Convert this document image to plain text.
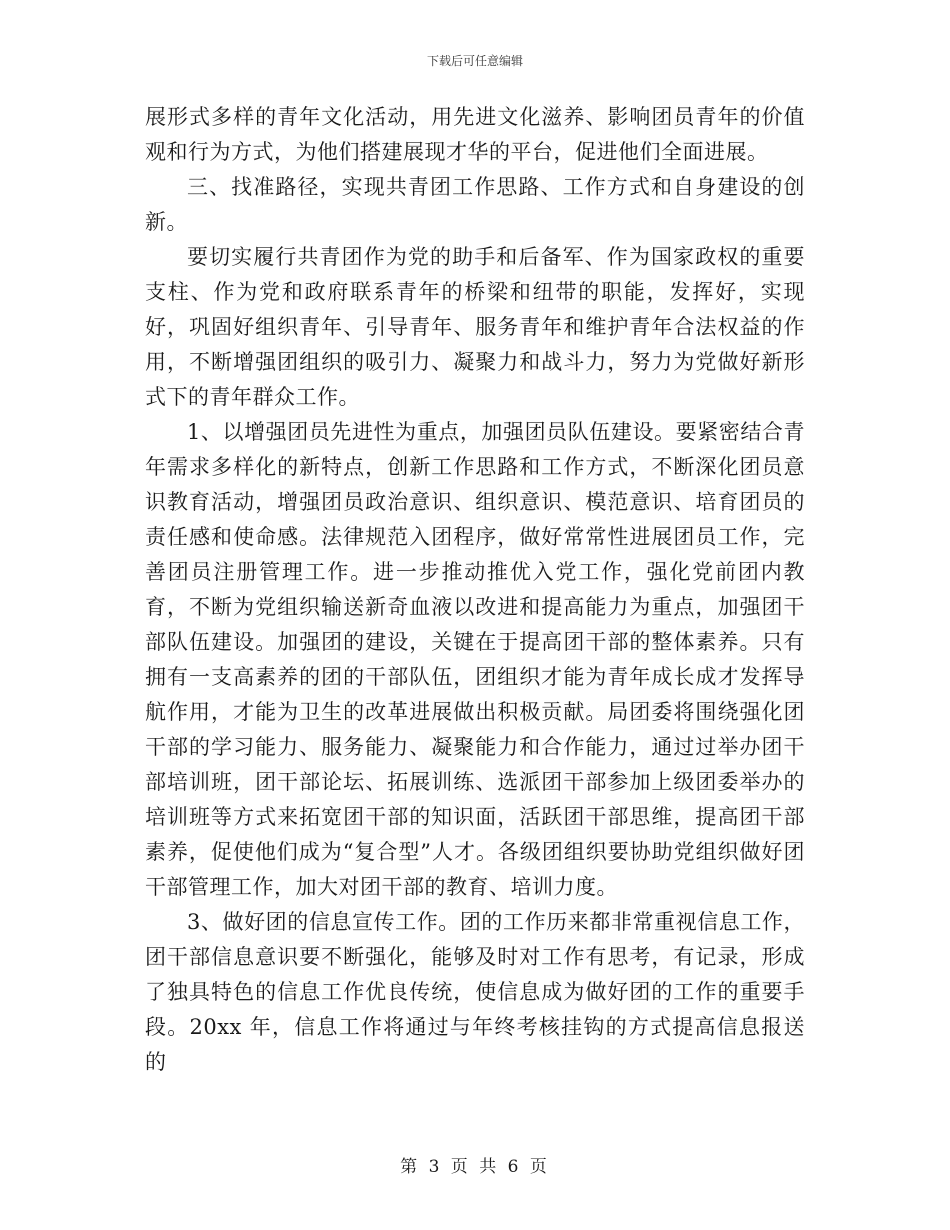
下载后可任意编辑

展形式多样的青年文化活动，用先进文化滋养、影响团员青年的价值观和行为方式，为他们搭建展现才华的平台，促进他们全面进展。

三、找准路径，实现共青团工作思路、工作方式和自身建设的创新。

要切实履行共青团作为党的助手和后备军、作为国家政权的重要支柱、作为党和政府联系青年的桥梁和纽带的职能，发挥好，实现好，巩固好组织青年、引导青年、服务青年和维护青年合法权益的作用，不断增强团组织的吸引力、凝聚力和战斗力，努力为党做好新形式下的青年群众工作。

1、以增强团员先进性为重点，加强团员队伍建设。要紧密结合青年需求多样化的新特点，创新工作思路和工作方式，不断深化团员意识教育活动，增强团员政治意识、组织意识、模范意识、培育团员的责任感和使命感。法律规范入团程序，做好常常性进展团员工作，完善团员注册管理工作。进一步推动推优入党工作，强化党前团内教育，不断为党组织输送新奇血液以改进和提高能力为重点，加强团干部队伍建设。加强团的建设，关键在于提高团干部的整体素养。只有拥有一支高素养的团的干部队伍，团组织才能为青年成长成才发挥导航作用，才能为卫生的改革进展做出积极贡献。局团委将围绕强化团干部的学习能力、服务能力、凝聚能力和合作能力，通过过举办团干部培训班，团干部论坛、拓展训练、选派团干部参加上级团委举办的培训班等方式来拓宽团干部的知识面，活跃团干部思维，提高团干部素养，促使他们成为“复合型”人才。各级团组织要协助党组织做好团干部管理工作，加大对团干部的教育、培训力度。

3、做好团的信息宣传工作。团的工作历来都非常重视信息工作，团干部信息意识要不断强化，能够及时对工作有思考，有记录，形成了独具特色的信息工作优良传统，使信息成为做好团的工作的重要手段。20xx 年，信息工作将通过与年终考核挂钩的方式提高信息报送的

第 3 页 共 6 页
